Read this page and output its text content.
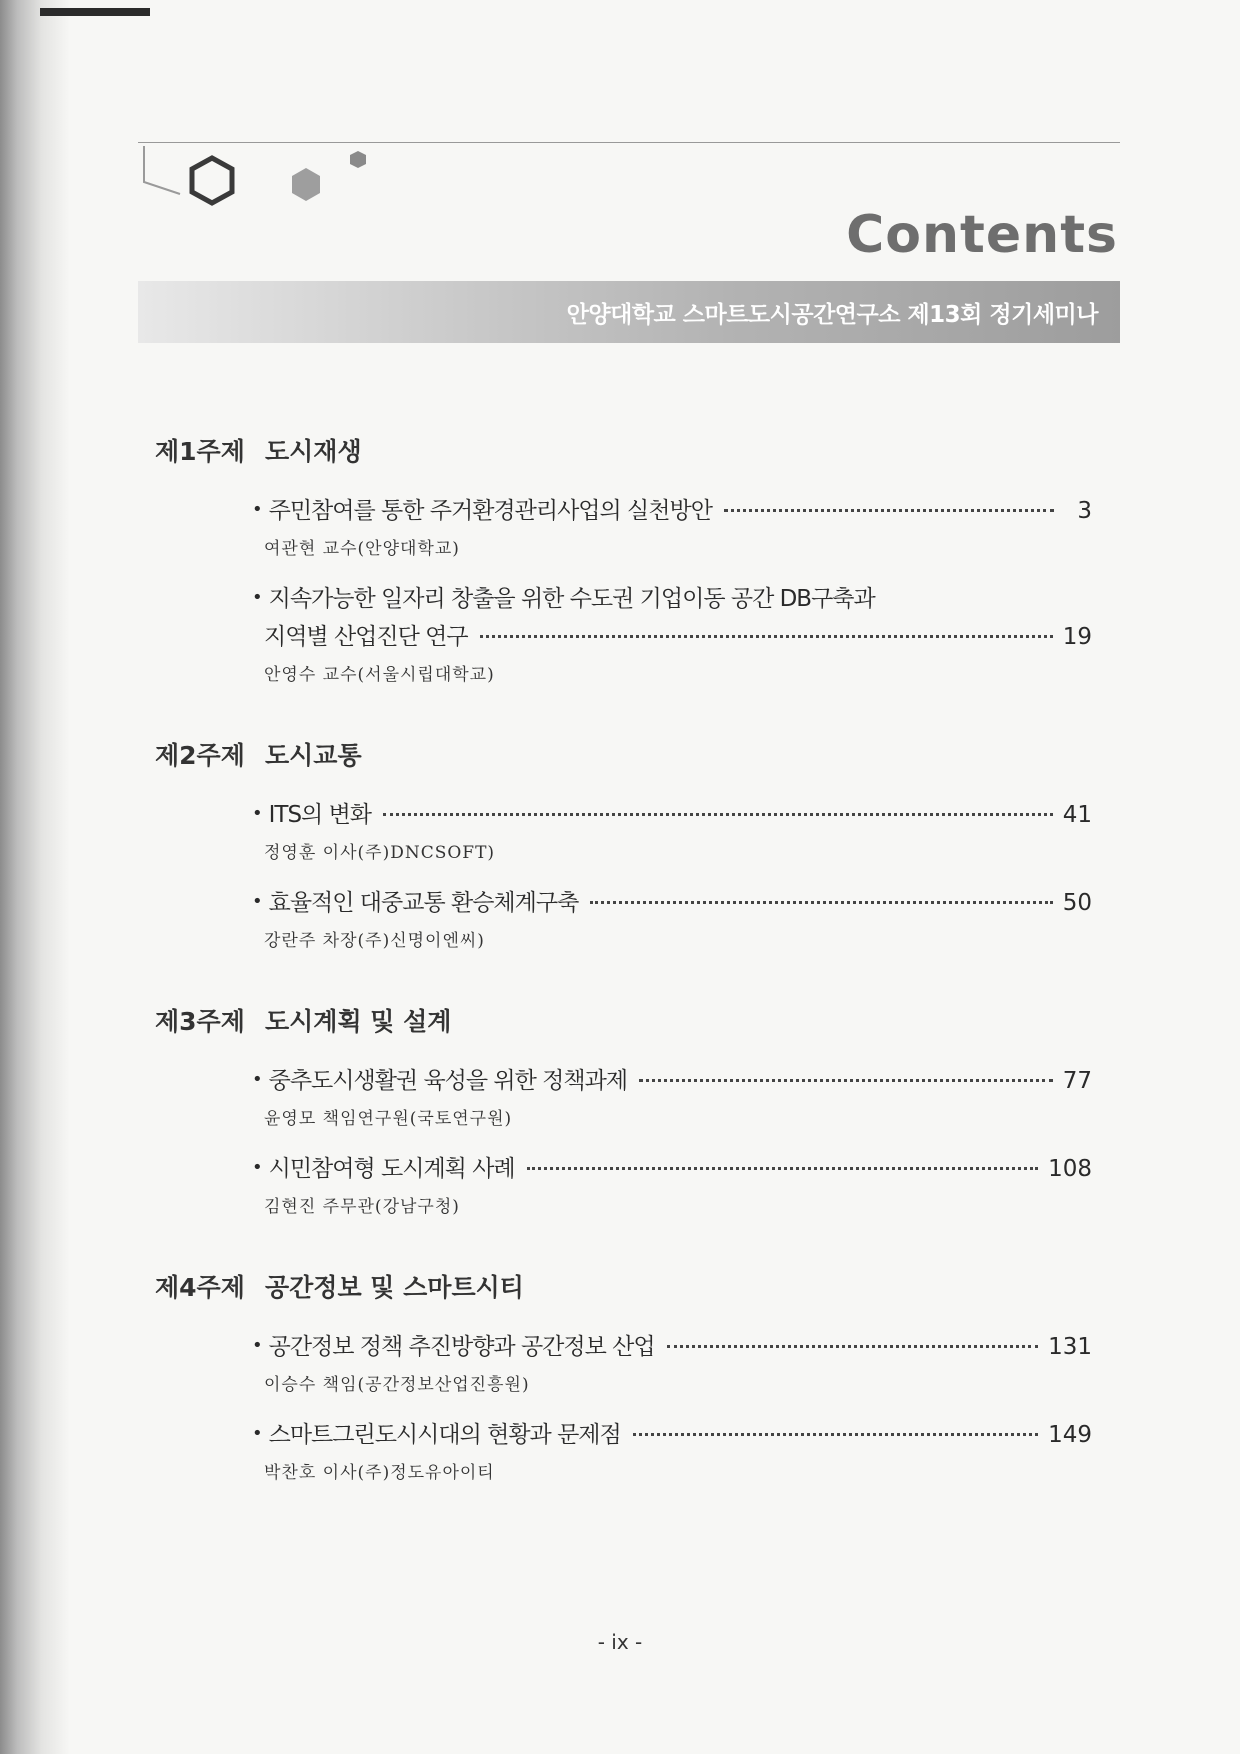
Contents
안양대학교 스마트도시공간연구소 제13회 정기세미나
제1주제 도시재생
• 주민참여를 통한 주거환경관리사업의 실천방안	3
여관현 교수(안양대학교)
• 지속가능한 일자리 창출을 위한 수도권 기업이동 공간 DB구축과
지역별 산업진단 연구	19
안영수 교수(서울시립대학교)
제2주제 도시교통
• ITS의 변화	41
정영훈 이사(주)DNCSOFT)
• 효율적인 대중교통 환승체계구축	50
강란주 차장(주)신명이엔씨)
제3주제 도시계획 및 설계
• 중추도시생활권 육성을 위한 정책과제	77
윤영모 책임연구원(국토연구원)
• 시민참여형 도시계획 사례	108
김현진 주무관(강남구청)
제4주제 공간정보 및 스마트시티
• 공간정보 정책 추진방향과 공간정보 산업	131
이승수 책임(공간정보산업진흥원)
• 스마트그린도시시대의 현황과 문제점	149
박찬호 이사(주)정도유아이티
- ix -
